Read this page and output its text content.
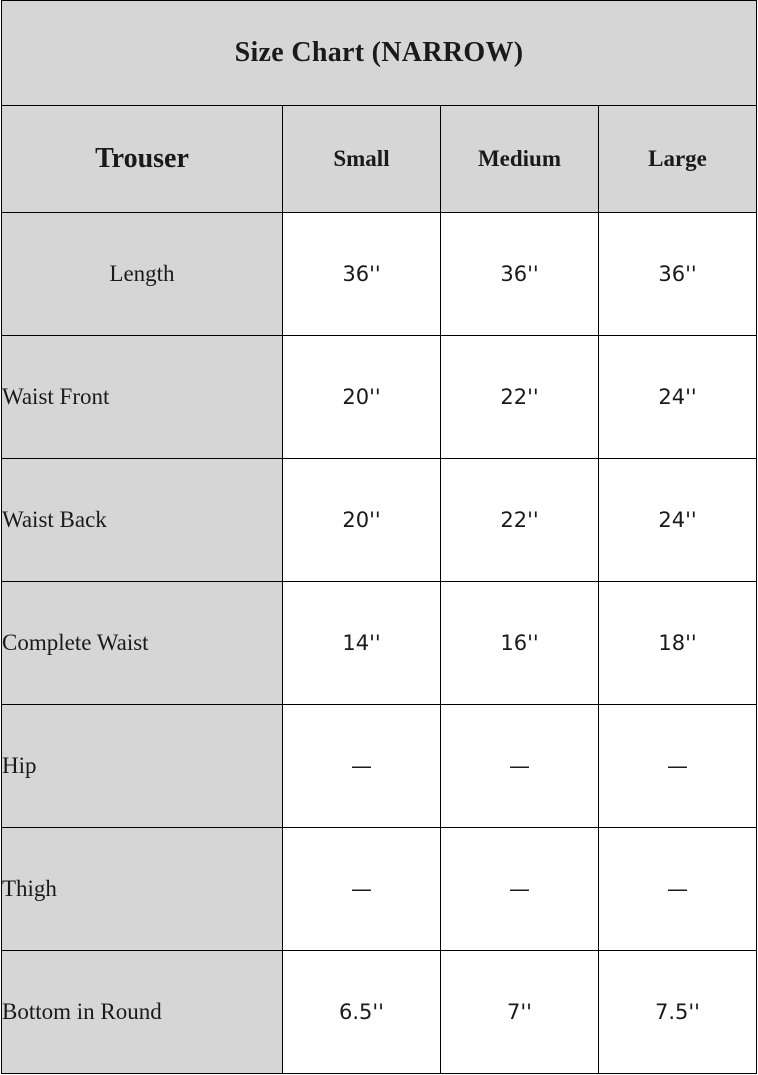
Size Chart (NARROW)			
Trouser	Small	Medium	Large
Length	36''	36''	36''
Waist Front	20''	22''	24''
Waist Back	20''	22''	24''
Complete Waist	14''	16''	18''
Hip	—	—	—
Thigh	—	—	—
Bottom in Round	6.5''	7''	7.5''
